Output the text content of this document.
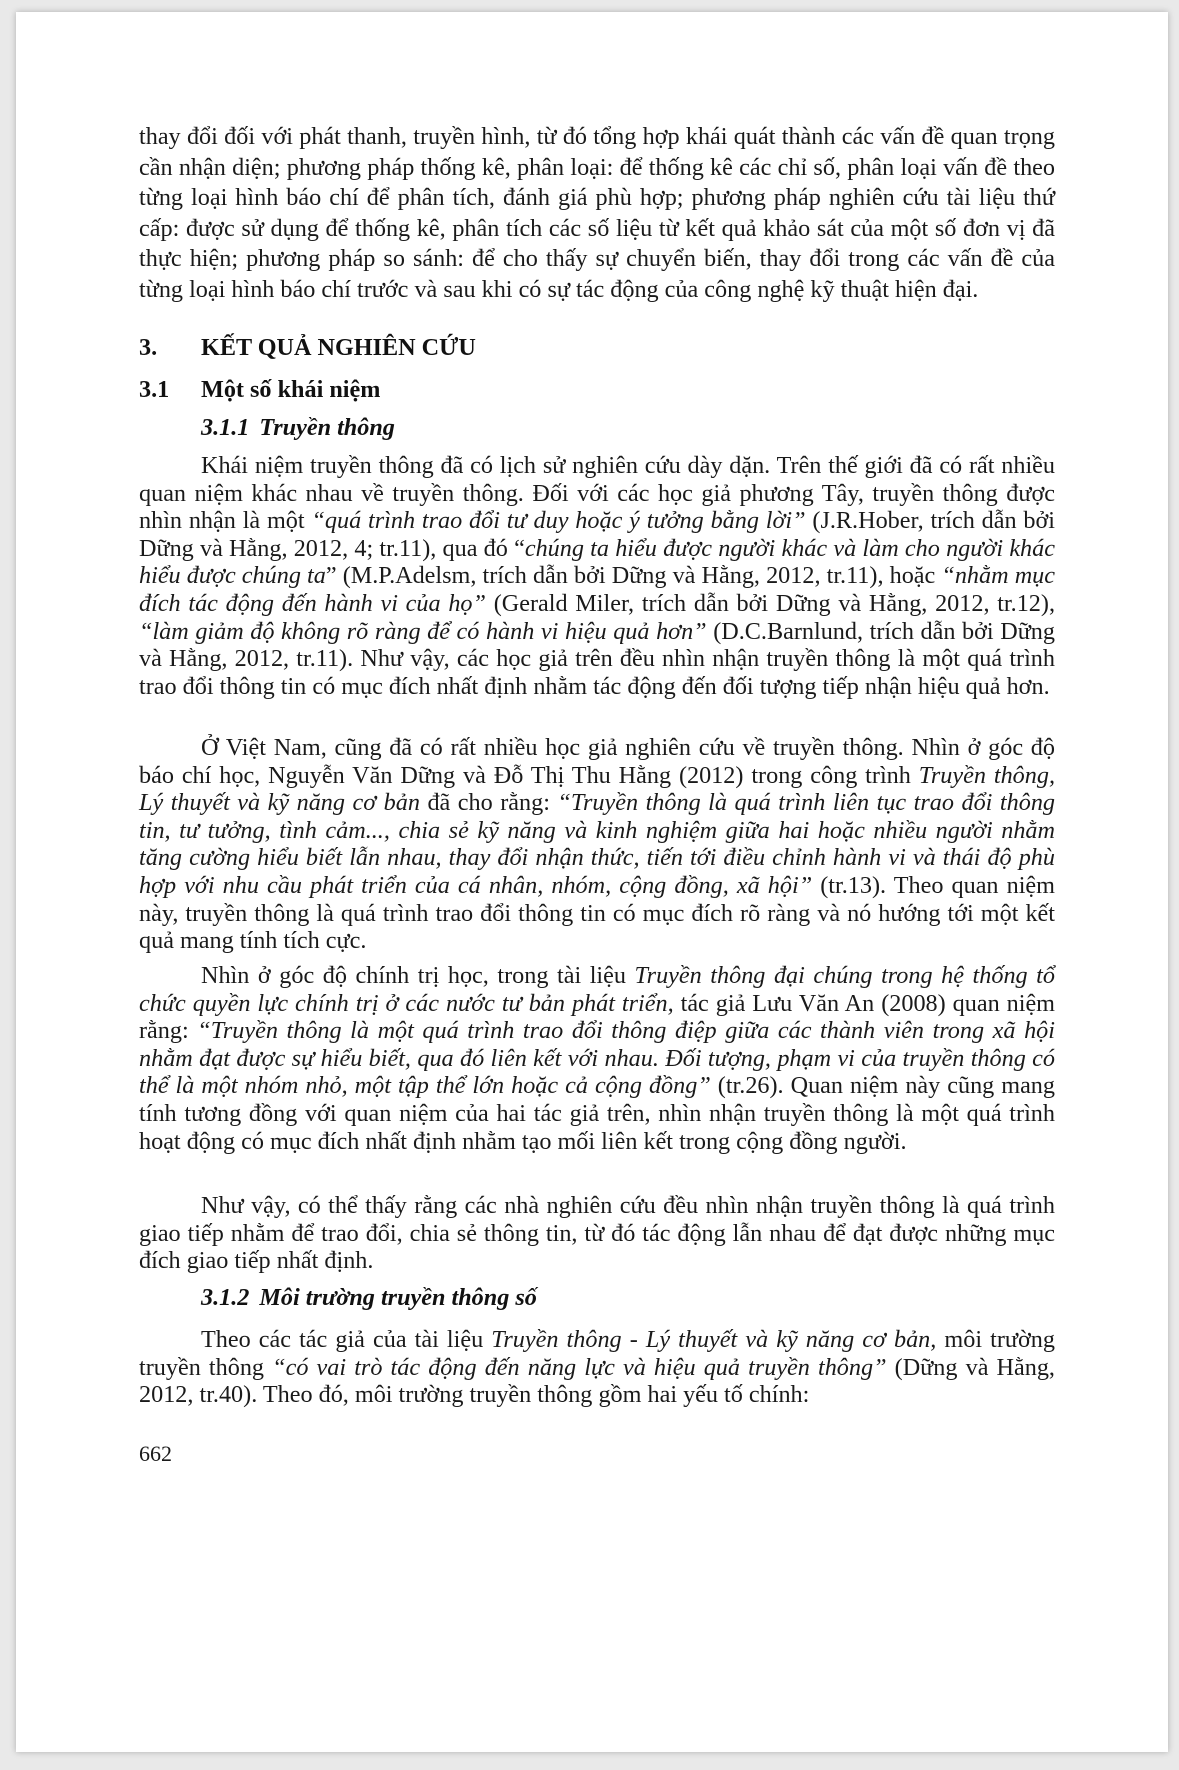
thay đổi đối với phát thanh, truyền hình, từ đó tổng hợp khái quát thành các vấn đề quan trọng cần nhận diện; phương pháp thống kê, phân loại: để thống kê các chỉ số, phân loại vấn đề theo từng loại hình báo chí để phân tích, đánh giá phù hợp; phương pháp nghiên cứu tài liệu thứ cấp: được sử dụng để thống kê, phân tích các số liệu từ kết quả khảo sát của một số đơn vị đã thực hiện; phương pháp so sánh: để cho thấy sự chuyển biến, thay đổi trong các vấn đề của từng loại hình báo chí trước và sau khi có sự tác động của công nghệ kỹ thuật hiện đại.

3. KẾT QUẢ NGHIÊN CỨU
3.1 Một số khái niệm
3.1.1 Truyền thông

Khái niệm truyền thông đã có lịch sử nghiên cứu dày dặn. Trên thế giới đã có rất nhiều quan niệm khác nhau về truyền thông. Đối với các học giả phương Tây, truyền thông được nhìn nhận là một “quá trình trao đổi tư duy hoặc ý tưởng bằng lời” (J.R.Hober, trích dẫn bởi Dững và Hằng, 2012, 4; tr.11), qua đó “chúng ta hiểu được người khác và làm cho người khác hiểu được chúng ta” (M.P.Adelsm, trích dẫn bởi Dững và Hằng, 2012, tr.11), hoặc “nhằm mục đích tác động đến hành vi của họ” (Gerald Miler, trích dẫn bởi Dững và Hằng, 2012, tr.12), “làm giảm độ không rõ ràng để có hành vi hiệu quả hơn” (D.C.Barnlund, trích dẫn bởi Dững và Hằng, 2012, tr.11). Như vậy, các học giả trên đều nhìn nhận truyền thông là một quá trình trao đổi thông tin có mục đích nhất định nhằm tác động đến đối tượng tiếp nhận hiệu quả hơn.

Ở Việt Nam, cũng đã có rất nhiều học giả nghiên cứu về truyền thông. Nhìn ở góc độ báo chí học, Nguyễn Văn Dững và Đỗ Thị Thu Hằng (2012) trong công trình Truyền thông, Lý thuyết và kỹ năng cơ bản đã cho rằng: “Truyền thông là quá trình liên tục trao đổi thông tin, tư tưởng, tình cảm..., chia sẻ kỹ năng và kinh nghiệm giữa hai hoặc nhiều người nhằm tăng cường hiểu biết lẫn nhau, thay đổi nhận thức, tiến tới điều chỉnh hành vi và thái độ phù hợp với nhu cầu phát triển của cá nhân, nhóm, cộng đồng, xã hội” (tr.13). Theo quan niệm này, truyền thông là quá trình trao đổi thông tin có mục đích rõ ràng và nó hướng tới một kết quả mang tính tích cực.

Nhìn ở góc độ chính trị học, trong tài liệu Truyền thông đại chúng trong hệ thống tổ chức quyền lực chính trị ở các nước tư bản phát triển, tác giả Lưu Văn An (2008) quan niệm rằng: “Truyền thông là một quá trình trao đổi thông điệp giữa các thành viên trong xã hội nhằm đạt được sự hiểu biết, qua đó liên kết với nhau. Đối tượng, phạm vi của truyền thông có thể là một nhóm nhỏ, một tập thể lớn hoặc cả cộng đồng” (tr.26). Quan niệm này cũng mang tính tương đồng với quan niệm của hai tác giả trên, nhìn nhận truyền thông là một quá trình hoạt động có mục đích nhất định nhằm tạo mối liên kết trong cộng đồng người.

Như vậy, có thể thấy rằng các nhà nghiên cứu đều nhìn nhận truyền thông là quá trình giao tiếp nhằm để trao đổi, chia sẻ thông tin, từ đó tác động lẫn nhau để đạt được những mục đích giao tiếp nhất định.

3.1.2 Môi trường truyền thông số

Theo các tác giả của tài liệu Truyền thông - Lý thuyết và kỹ năng cơ bản, môi trường truyền thông “có vai trò tác động đến năng lực và hiệu quả truyền thông” (Dững và Hằng, 2012, tr.40). Theo đó, môi trường truyền thông gồm hai yếu tố chính:

662
